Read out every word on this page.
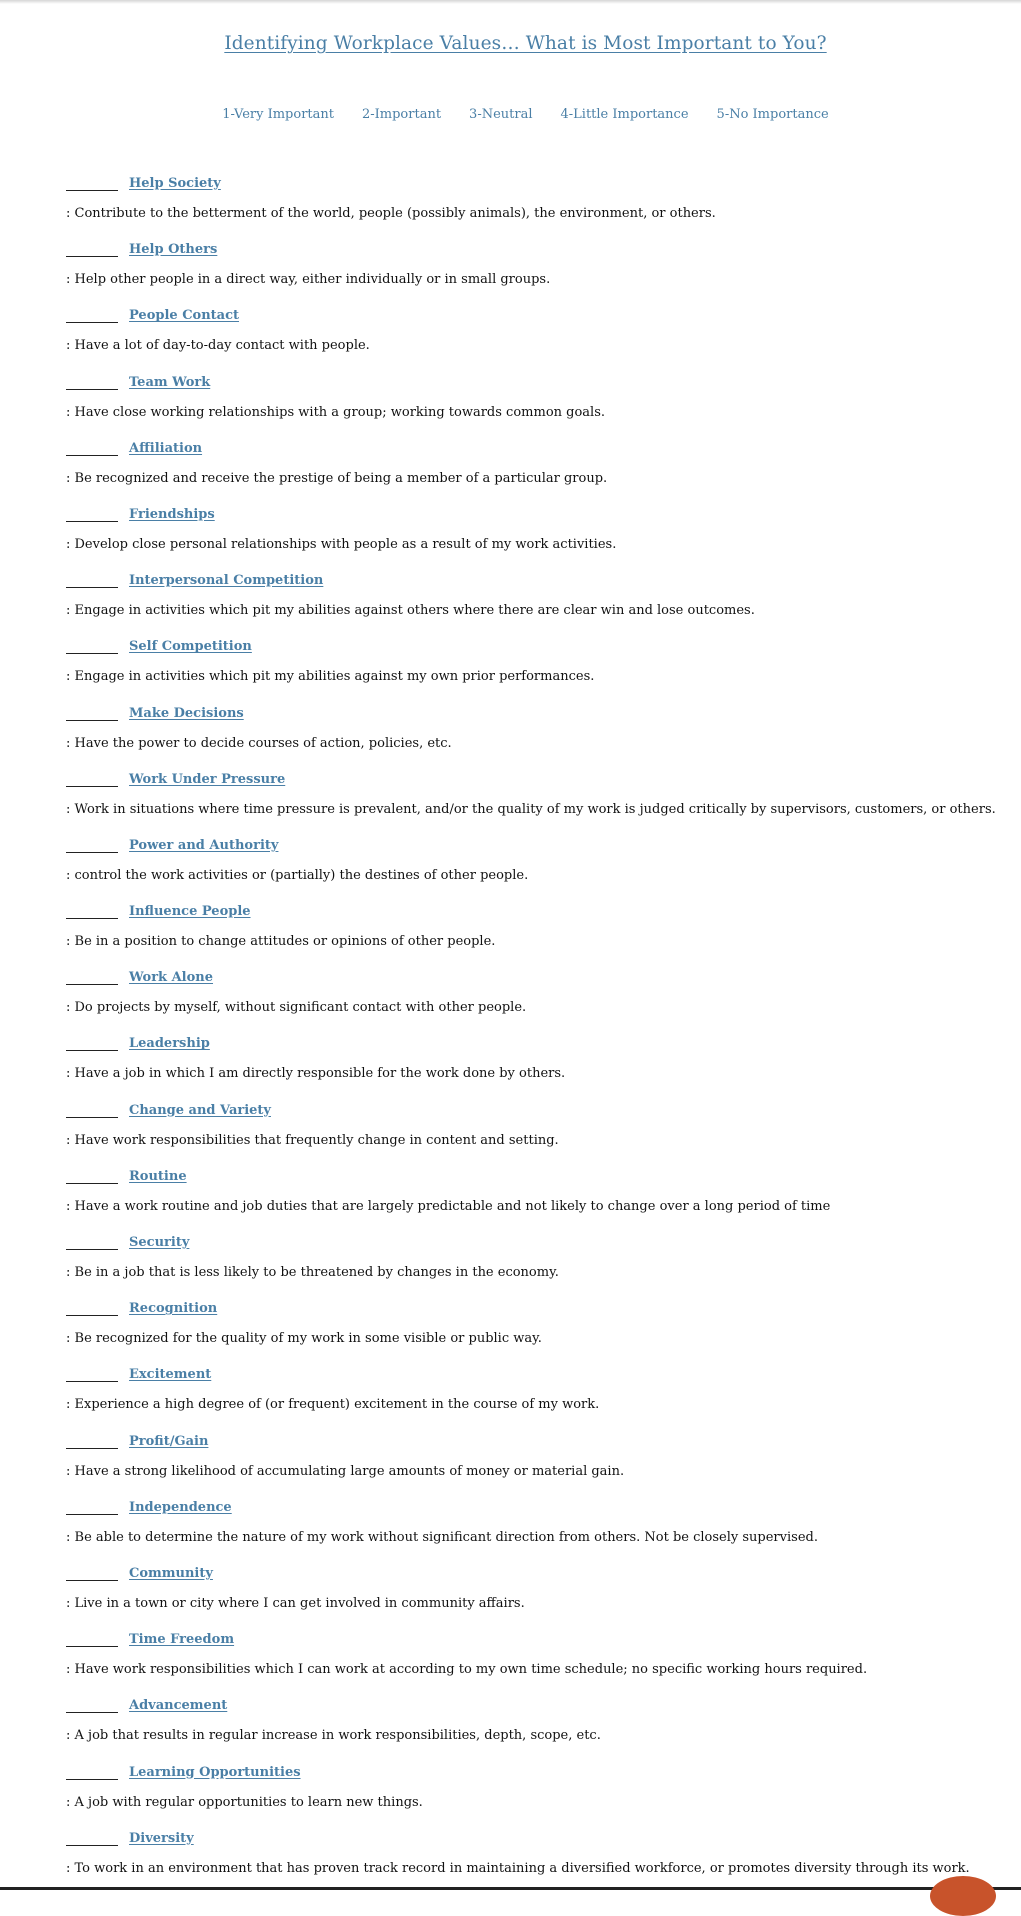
Identifying Workplace Values… What is Most Important to You?
1-Very Important 2-Important 3-Neutral 4-Little Importance 5-No Importance
Help Society
: Contribute to the betterment of the world, people (possibly animals), the environment, or others.
Help Others
: Help other people in a direct way, either individually or in small groups.
People Contact
: Have a lot of day-to-day contact with people.
Team Work
: Have close working relationships with a group; working towards common goals.
Affiliation
: Be recognized and receive the prestige of being a member of a particular group.
Friendships
: Develop close personal relationships with people as a result of my work activities.
Interpersonal Competition
: Engage in activities which pit my abilities against others where there are clear win and lose outcomes.
Self Competition
: Engage in activities which pit my abilities against my own prior performances.
Make Decisions
: Have the power to decide courses of action, policies, etc.
Work Under Pressure
: Work in situations where time pressure is prevalent, and/or the quality of my work is judged critically by supervisors, customers, or others.
Power and Authority
: control the work activities or (partially) the destines of other people.
Influence People
: Be in a position to change attitudes or opinions of other people.
Work Alone
: Do projects by myself, without significant contact with other people.
Leadership
: Have a job in which I am directly responsible for the work done by others.
Change and Variety
: Have work responsibilities that frequently change in content and setting.
Routine
: Have a work routine and job duties that are largely predictable and not likely to change over a long period of time
Security
: Be in a job that is less likely to be threatened by changes in the economy.
Recognition
: Be recognized for the quality of my work in some visible or public way.
Excitement
: Experience a high degree of (or frequent) excitement in the course of my work.
Profit/Gain
: Have a strong likelihood of accumulating large amounts of money or material gain.
Independence
: Be able to determine the nature of my work without significant direction from others. Not be closely supervised.
Community
: Live in a town or city where I can get involved in community affairs.
Time Freedom
: Have work responsibilities which I can work at according to my own time schedule; no specific working hours required.
Advancement
: A job that results in regular increase in work responsibilities, depth, scope, etc.
Learning Opportunities
: A job with regular opportunities to learn new things.
Diversity
: To work in an environment that has proven track record in maintaining a diversified workforce, or promotes diversity through its work.
